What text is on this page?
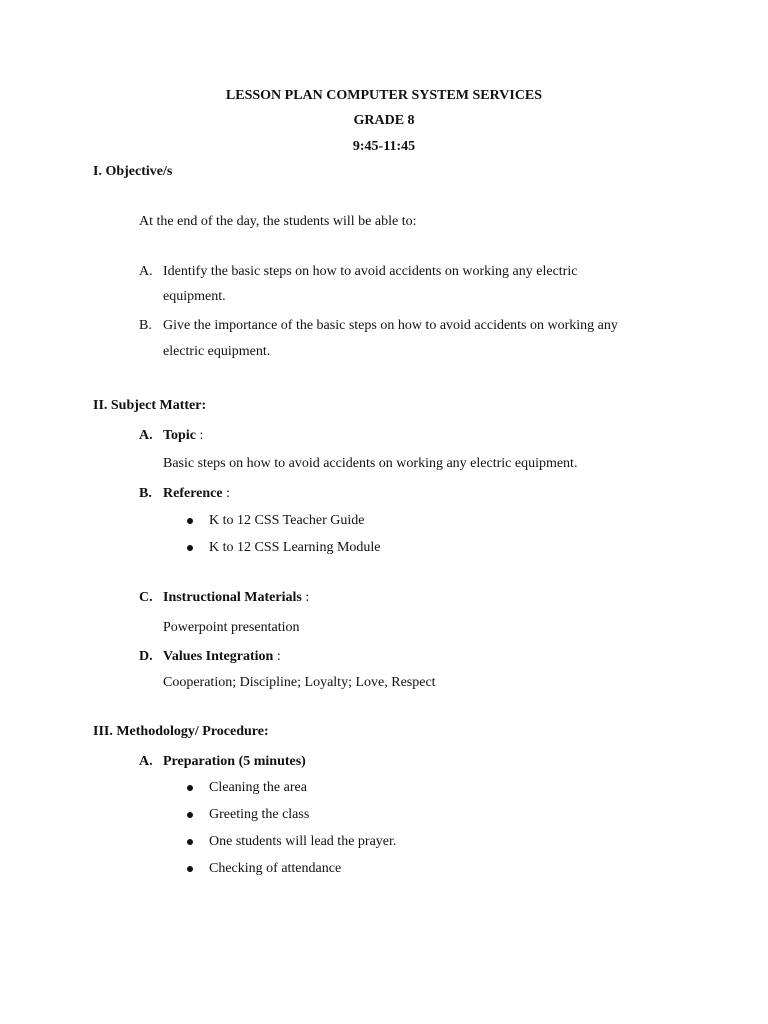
LESSON PLAN COMPUTER SYSTEM SERVICES
GRADE 8
9:45-11:45
I. Objective/s
At the end of the day, the students will be able to:
A. Identify the basic steps on how to avoid accidents on working any electric
equipment.
B. Give the importance of the basic steps on how to avoid accidents on working any
electric equipment.
II. Subject Matter:
A. Topic :
Basic steps on how to avoid accidents on working any electric equipment.
B. Reference :
K to 12 CSS Teacher Guide
K to 12 CSS Learning Module
C. Instructional Materials :
Powerpoint presentation
D. Values Integration :
Cooperation; Discipline; Loyalty; Love, Respect
III. Methodology/ Procedure:
A. Preparation (5 minutes)
Cleaning the area
Greeting the class
One students will lead the prayer.
Checking of attendance
